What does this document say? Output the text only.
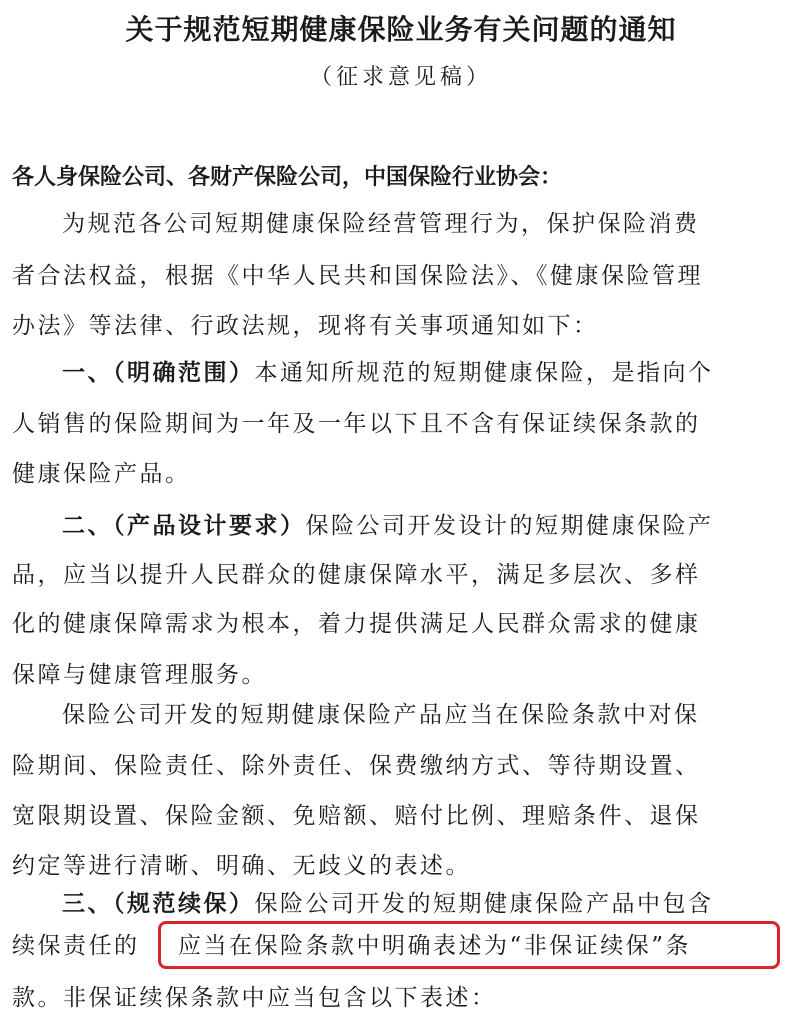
关于规范短期健康保险业务有关问题的通知
（征求意见稿）
各人身保险公司、各财产保险公司，中国保险行业协会：
为规范各公司短期健康保险经营管理行为，保护保险消费
者合法权益，根据《中华人民共和国保险法》、《健康保险管理
办法》等法律、行政法规，现将有关事项通知如下：
一、（明确范围）本通知所规范的短期健康保险，是指向个
人销售的保险期间为一年及一年以下且不含有保证续保条款的
健康保险产品。
二、（产品设计要求）保险公司开发设计的短期健康保险产
品，应当以提升人民群众的健康保障水平，满足多层次、多样
化的健康保障需求为根本，着力提供满足人民群众需求的健康
保障与健康管理服务。
保险公司开发的短期健康保险产品应当在保险条款中对保
险期间、保险责任、除外责任、保费缴纳方式、等待期设置、
宽限期设置、保险金额、免赔额、赔付比例、理赔条件、退保
约定等进行清晰、明确、无歧义的表述。
三、（规范续保）保险公司开发的短期健康保险产品中包含
续保责任的 应当在保险条款中明确表述为“非保证续保”条
款。非保证续保条款中应当包含以下表述：
